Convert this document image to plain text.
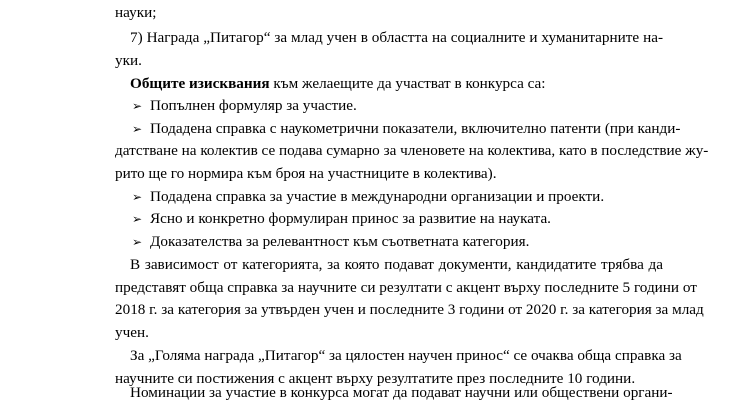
науки;
7) Награда „Питагор“ за млад учен в областта на социалните и хуманитарните на-
уки.
Общите изисквания към желаещите да участват в конкурса са:
➢ Попълнен формуляр за участие.
➢ Подадена справка с наукометрични показатели, включително патенти (при канди-
датстване на колектив се подава сумарно за членовете на колектива, като в последствие жу-
рито ще го нормира към броя на участниците в колектива).
➢ Подадена справка за участие в международни организации и проекти.
➢ Ясно и конкретно формулиран принос за развитие на науката.
➢ Доказателства за релевантност към съответната категория.
В зависимост от категорията, за която подават документи, кандидатите трябва да
представят обща справка за научните си резултати с акцент върху последните 5 години от
2018 г. за категория за утвърден учен и последните 3 години от 2020 г. за категория за млад
учен.
За „Голяма награда „Питагор“ за цялостен научен принос“ се очаква обща справка за
научните си постижения с акцент върху резултатите през последните 10 години.
Номинации за участие в конкурса могат да подават научни или обществени органи-
